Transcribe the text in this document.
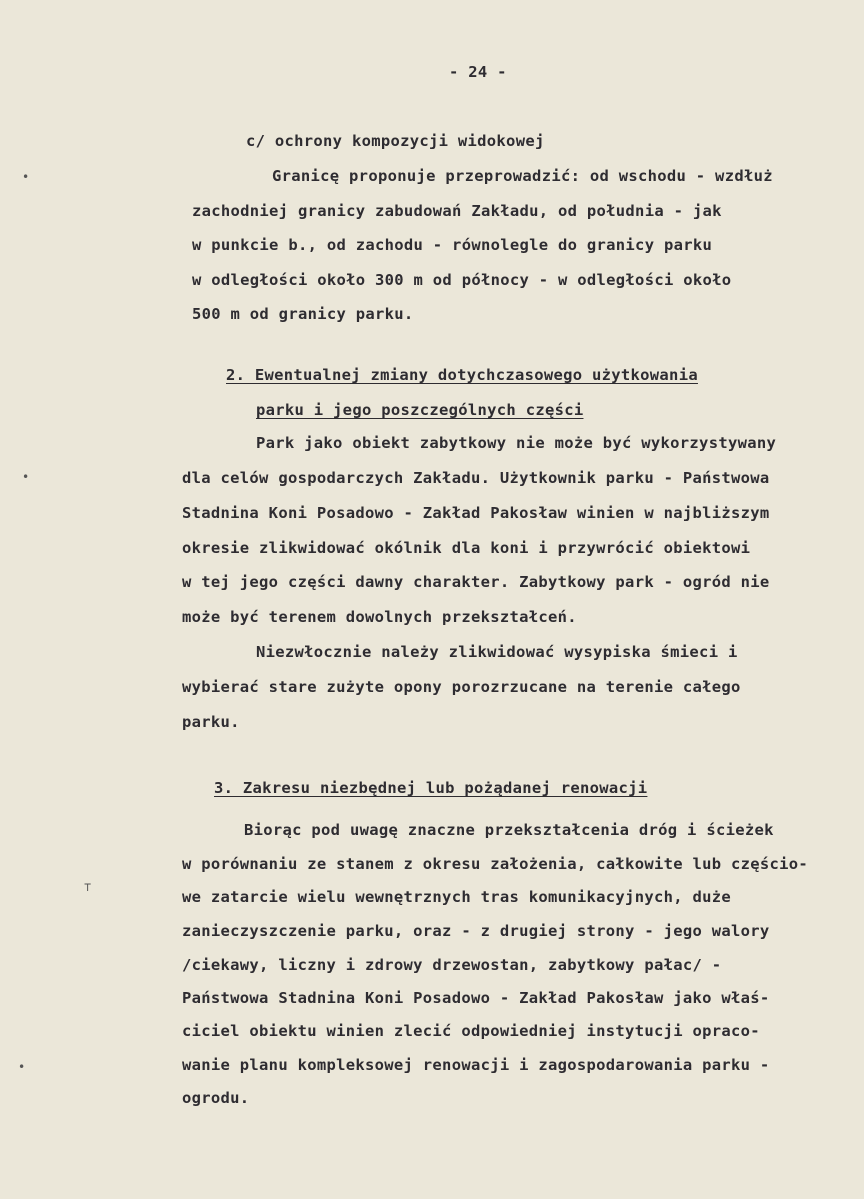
- 24 -
c/ ochrony kompozycji widokowej
Granicę proponuje przeprowadzić: od wschodu - wzdłuż
zachodniej granicy zabudowań Zakładu, od południa - jak
w punkcie b., od zachodu - równolegle do granicy parku
w odległości około 300 m od północy - w odległości około
500 m od granicy parku.
2. Ewentualnej zmiany dotychczasowego użytkowania
parku i jego poszczególnych części
Park jako obiekt zabytkowy nie może być wykorzystywany
dla celów gospodarczych Zakładu. Użytkownik parku - Państwowa
Stadnina Koni Posadowo - Zakład Pakosław winien w najbliższym
okresie zlikwidować okólnik dla koni i przywrócić obiektowi
w tej jego części dawny charakter. Zabytkowy park - ogród nie
może być terenem dowolnych przekształceń.
Niezwłocznie należy zlikwidować wysypiska śmieci i
wybierać stare zużyte opony porozrzucane na terenie całego
parku.
3. Zakresu niezbędnej lub pożądanej renowacji
Biorąc pod uwagę znaczne przekształcenia dróg i ścieżek
w porównaniu ze stanem z okresu założenia, całkowite lub częścio-
we zatarcie wielu wewnętrznych tras komunikacyjnych, duże
zanieczyszczenie parku, oraz - z drugiej strony - jego walory
/ciekawy, liczny i zdrowy drzewostan, zabytkowy pałac/ -
Państwowa Stadnina Koni Posadowo - Zakład Pakosław jako właś-
ciciel obiektu winien zlecić odpowiedniej instytucji opraco-
wanie planu kompleksowej renowacji i zagospodarowania parku -
ogrodu.
•
•
⊤
•
